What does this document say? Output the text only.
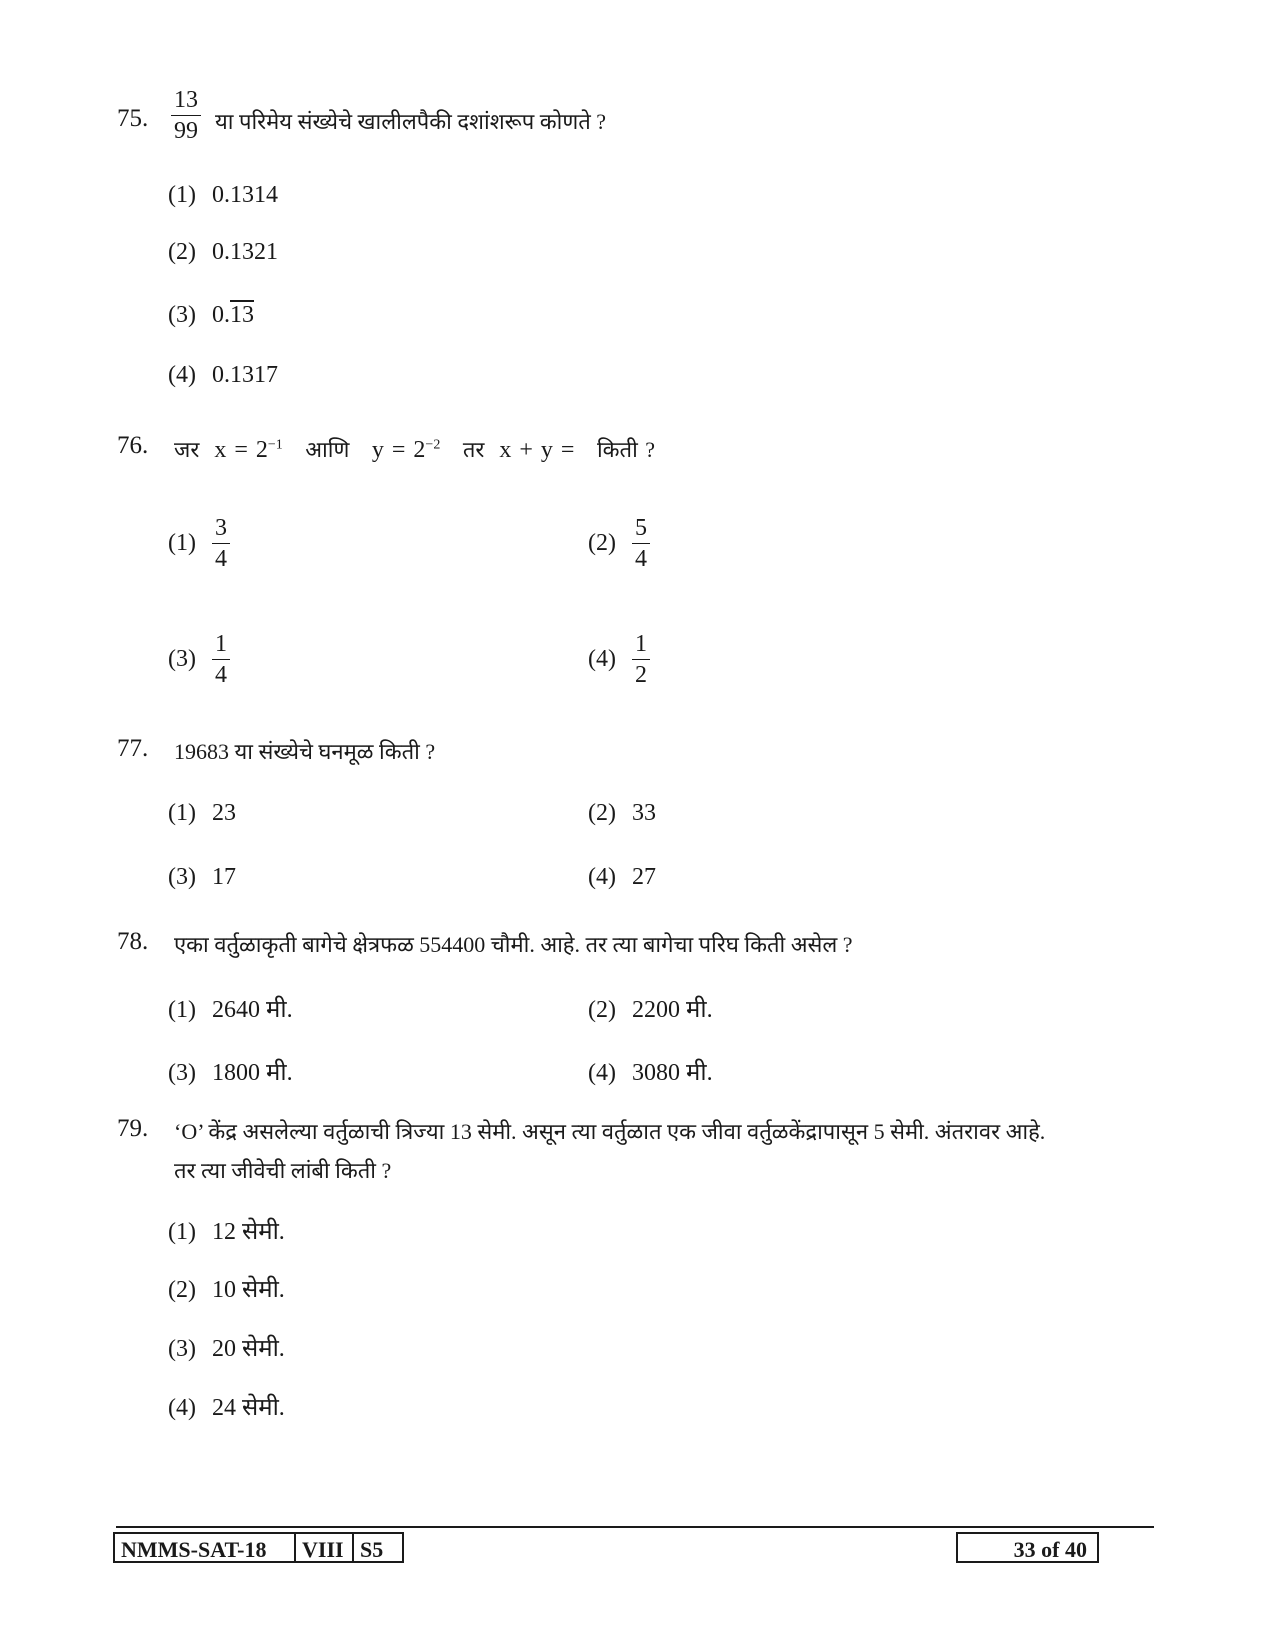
75. $\frac{13}{99}$ या परिमेय संख्येचे खालीलपैकी दशांशरूप कोणते ?
(1) 0.1314
(2) 0.1321
(3) 0.13
(4) 0.1317
76. जर $x = 2^{-1}$ आणि $y = 2^{-2}$ तर x + y = किती ?
$(1) \frac{3}{4}$	$(2) \frac{5}{4}$
$(3) \frac{1}{4}$	$(4) \frac{1}{2}$
77. 19683 या संख्येचे घनमूळ किती ?
(1) 23	(2) 33
(3) 17	(4) 27
78. एका वर्तुळाकृती बागेचे क्षेत्रफळ 554400 चौमी. आहे. तर त्या बागेचा परिघ किती असेल ?
(1) 2640 मी.	(2) 2200 मी.
(3) 1800 मी.	(4) 3080 मी.
79. ‘O’ केंद्र असलेल्या वर्तुळाची त्रिज्या 13 सेमी. असून त्या वर्तुळात एक जीवा वर्तुळकेंद्रापासून 5 सेमी. अंतरावर आहे.
तर त्या जीवेची लांबी किती ?
(1) 12 सेमी.
(2) 10 सेमी.
(3) 20 सेमी.
(4) 24 सेमी.
NMMS-SAT-18 VIII S5	33 of 40
